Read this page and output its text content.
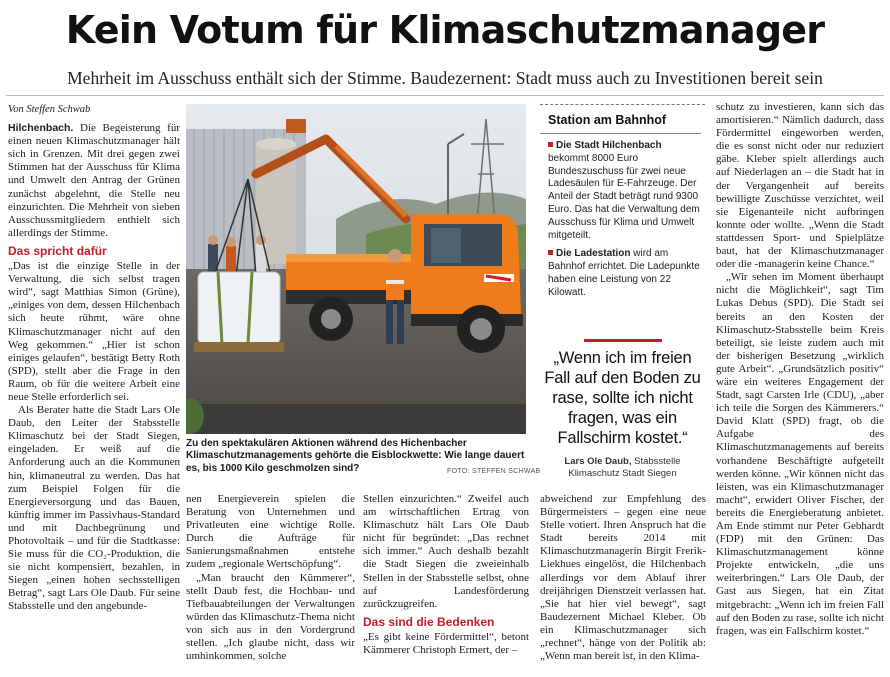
Kein Votum für Klimaschutzmanager
Mehrheit im Ausschuss enthält sich der Stimme. Baudezernent: Stadt muss auch zu Investitionen bereit sein
Von Steffen Schwab

Hilchenbach. Die Begeisterung für einen neuen Klimaschutzmanager hält sich in Grenzen. Mit drei gegen zwei Stimmen hat der Ausschuss für Klima und Umwelt den Antrag der Grünen zunächst abgelehnt, die Stelle neu einzurichten. Die Mehrheit von sieben Ausschussmitgliedern enthielt sich allerdings der Stimme.

Das spricht dafür

„Das ist die einzige Stelle in der Verwaltung, die sich selbst tragen wird“, sagt Matthias Simon (Grüne), „einiges von dem, dessen Hilchenbach sich heute rühmt, wäre ohne Klimaschutzmanager nicht auf den Weg gekommen.“ „Hier ist schon einiges gelaufen“, bestätigt Betty Roth (SPD), stellt aber die Frage in den Raum, ob für die weitere Arbeit eine neue Stelle erforderlich sei.

Als Berater hatte die Stadt Lars Ole Daub, den Leiter der Stabsstelle Klimaschutz bei der Stadt Siegen, eingeladen. Er weiß auf die Anforderung auch an die Kommunen hin, klimaneutral zu werden. Das hat zum Beispiel Folgen für die Energieversorgung und das Bauen, künftig immer im Passivhaus-Standard und mit Dachbegrünung und Photovoltaik – und für die Stadtkasse: Sie muss für die CO₂-Produktion, die sie nicht kompensiert, bezahlen, in Siegen „einen hohen sechsstelligen Betrag“, sagt Lars Ole Daub. Für seine Stabsstelle und den angebunde-

Zu den spektakulären Aktionen während des Hichenbacher Klimaschutzmanagements gehörte die Eisblockwette: Wie lange dauert es, bis 1000 Kilo geschmolzen sind?	FOTO: STEFFEN SCHWAB

nen Energieverein spielen die Beratung von Unternehmen und Privatleuten eine wichtige Rolle. Durch die Aufträge für Sanierungsmaßnahmen entstehe zudem „regionale Wertschöpfung“.

„Man braucht den Kümmerer“, stellt Daub fest, die Hochbau- und Tiefbauabteilungen der Verwaltungen würden das Klimaschutz-Thema nicht von sich aus in den Vordergrund stellen. „Ich glaube nicht, dass wir umhinkommen, solche

Stellen einzurichten.“ Zweifel auch am wirtschaftlichen Ertrag von Klimaschutz hält Lars Ole Daub nicht für begründet: „Das rechnet sich immer.“ Auch deshalb bezahlt die Stadt Siegen die zweieinhalb Stellen in der Stabsstelle selbst, ohne auf Landesförderung zurückzugreifen.

Das sind die Bedenken

„Es gibt keine Fördermittel“, betont Kämmerer Christoph Ermert, der –

Station am Bahnhof
Die Stadt Hilchenbach bekommt 8000 Euro Bundeszuschuss für zwei neue Ladesäulen für E-Fahrzeuge. Der Anteil der Stadt beträgt rund 9300 Euro. Das hat die Verwaltung dem Ausschuss für Klima und Umwelt mitgeteilt.
Die Ladestation wird am Bahnhof errichtet. Die Ladepunkte haben eine Leistung von 22 Kilowatt.
„Wenn ich im freien Fall auf den Boden zu rase, sollte ich nicht fragen, was ein Fallschirm kostet.“
Lars Ole Daub, Stabsstelle Klimaschutz Stadt Siegen

abweichend zur Empfehlung des Bürgermeisters – gegen eine neue Stelle votiert. Ihren Anspruch hat die Stadt bereits 2014 mit Klimaschutzmanagerin Birgit Frerik-Liekhues eingelöst, die Hilchenbach allerdings vor dem Ablauf ihrer dreijährigen Dienstzeit verlassen hat. „Sie hat hier viel bewegt“, sagt Baudezernent Michael Kleber. Ob ein Klimaschutzmanager sich „rechnet“, hänge von der Politik ab: „Wenn man bereit ist, in den Klima-

schutz zu investieren, kann sich das amortisieren.“ Nämlich dadurch, dass Fördermittel eingeworben werden, die es sonst nicht oder nur reduziert gäbe. Kleber spielt allerdings auch auf Niederlagen an – die Stadt hat in der Vergangenheit auf bereits bewilligte Zuschüsse verzichtet, weil sie Eigenanteile nicht aufbringen konnte oder wollte. „Wenn die Stadt stattdessen Sport- und Spielplätze baut, hat der Klimaschutzmanager oder die -managerin keine Chance.“

„Wir sehen im Moment überhaupt nicht die Möglichkeit“, sagt Tim Lukas Debus (SPD). Die Stadt sei bereits an den Kosten der Klimaschutz-Stabsstelle beim Kreis beteiligt, sie leiste zudem auch mit der bisherigen Besetzung „wirklich gute Arbeit“. „Grundsätzlich positiv“ wäre ein weiteres Engagement der Stadt, sagt Carsten Irle (CDU), „aber ich teile die Sorgen des Kämmerers.“ David Klatt (SPD) fragt, ob die Aufgabe des Klimaschutzmanagements auf bereits vorhandene Beschäftigte aufgeteilt werden könne. „Wir können nicht das leisten, was ein Klimaschutzmanager macht“, erwidert Oliver Fischer, der bereits die Energieberatung anbietet. Am Ende stimmt nur Peter Gebhardt (FDP) mit den Grünen: Das Klimaschutzmanagement könne Projekte entwickeln, „die uns weiterbringen.“ Lars Ole Daub, der Gast aus Siegen, hat ein Zitat mitgebracht: „Wenn ich im freien Fall auf den Boden zu rase, sollte ich nicht fragen, was ein Fallschirm kostet.“
